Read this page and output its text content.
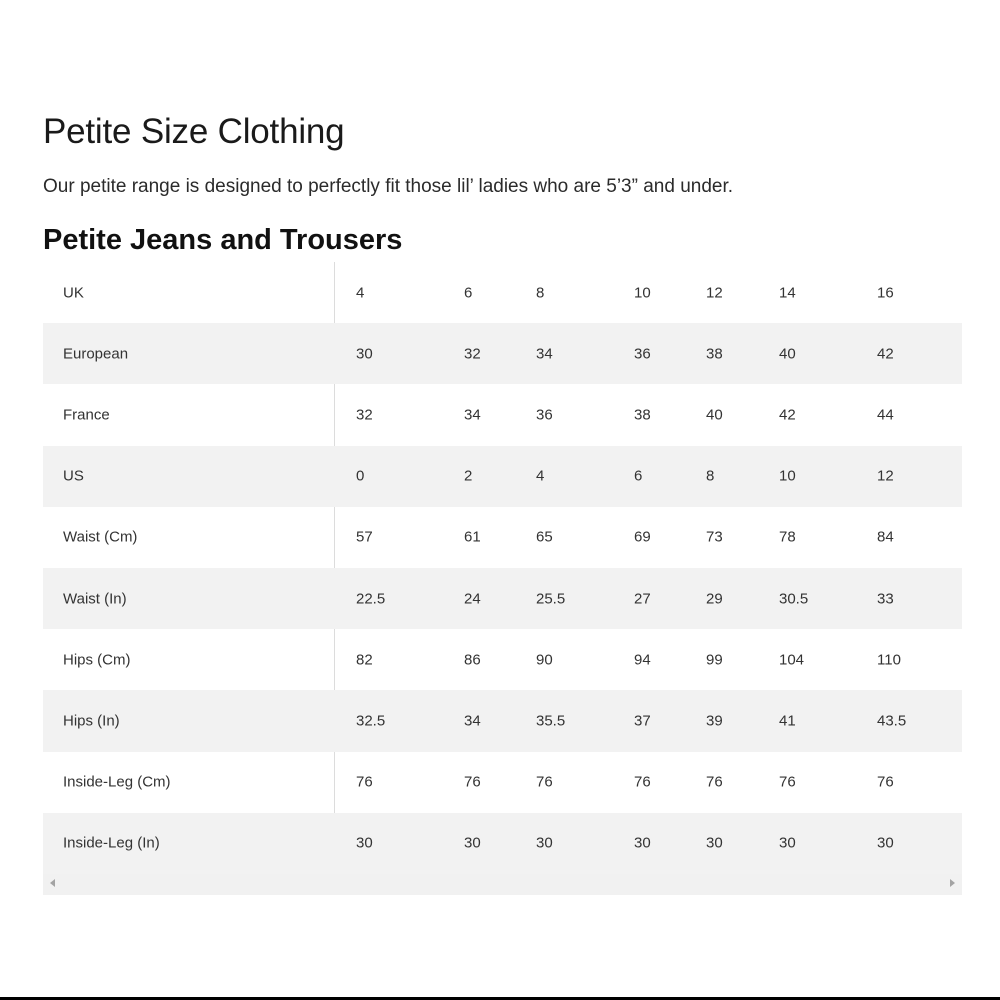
Petite Size Clothing

Our petite range is designed to perfectly fit those lil’ ladies who are 5’3” and under.

Petite Jeans and Trousers
UK	4	6	8	10	12	14	16
European	30	32	34	36	38	40	42
France	32	34	36	38	40	42	44
US	0	2	4	6	8	10	12
Waist (Cm)	57	61	65	69	73	78	84
Waist (In)	22.5	24	25.5	27	29	30.5	33
Hips (Cm)	82	86	90	94	99	104	110
Hips (In)	32.5	34	35.5	37	39	41	43.5
Inside-Leg (Cm)	76	76	76	76	76	76	76
Inside-Leg (In)	30	30	30	30	30	30	30
